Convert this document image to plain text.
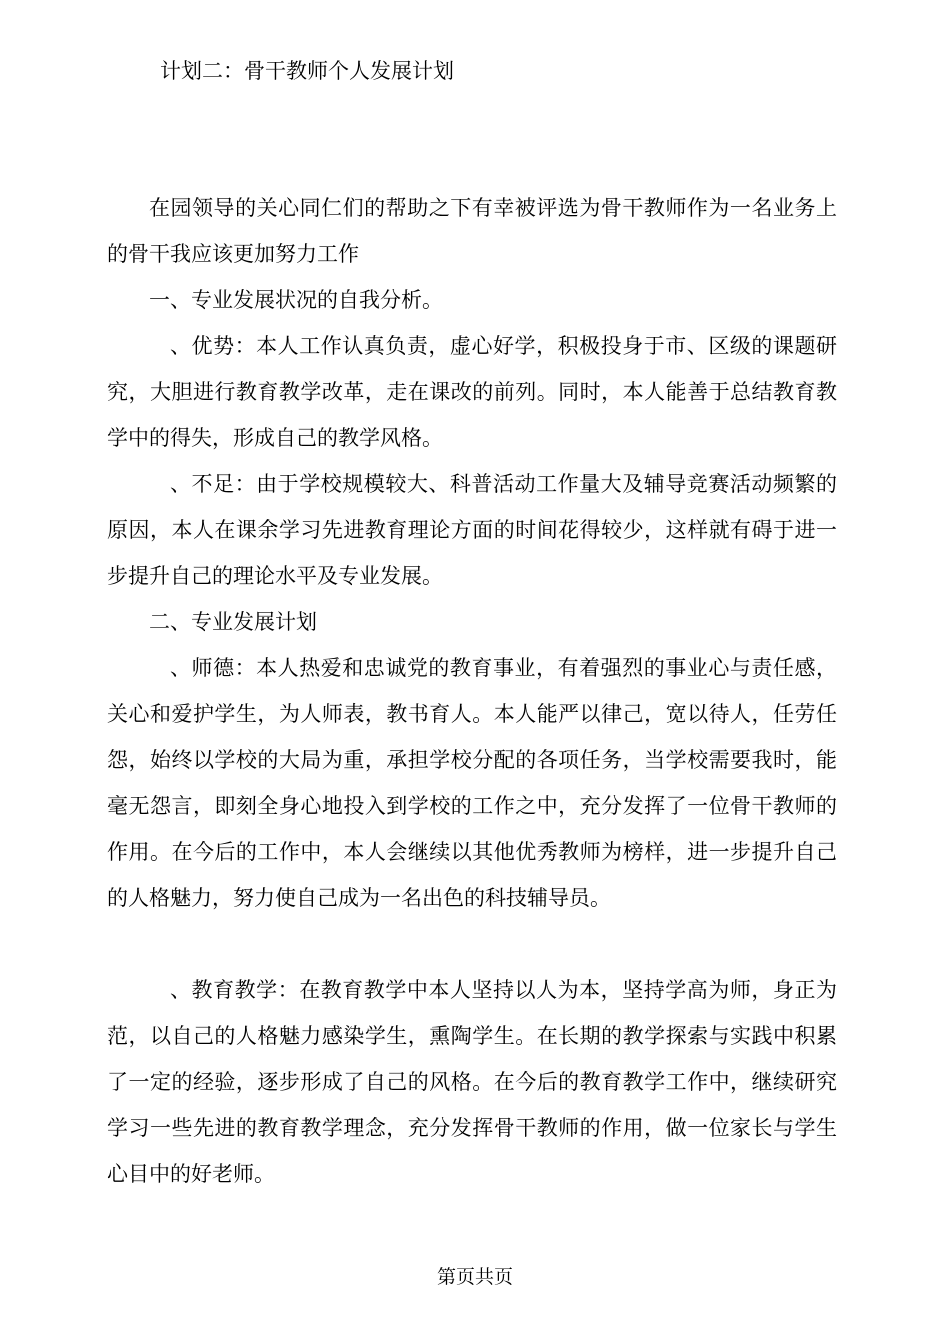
计划二：骨干教师个人发展计划

在园领导的关心同仁们的帮助之下有幸被评选为骨干教师作为一名业务上的骨干我应该更加努力工作

一、专业发展状况的自我分析。

、优势：本人工作认真负责，虚心好学，积极投身于市、区级的课题研究，大胆进行教育教学改革，走在课改的前列。同时，本人能善于总结教育教学中的得失，形成自己的教学风格。

、不足：由于学校规模较大、科普活动工作量大及辅导竞赛活动频繁的原因，本人在课余学习先进教育理论方面的时间花得较少，这样就有碍于进一步提升自己的理论水平及专业发展。

二、专业发展计划

、师德：本人热爱和忠诚党的教育事业，有着强烈的事业心与责任感，关心和爱护学生，为人师表，教书育人。本人能严以律己，宽以待人，任劳任怨，始终以学校的大局为重，承担学校分配的各项任务，当学校需要我时，能毫无怨言，即刻全身心地投入到学校的工作之中，充分发挥了一位骨干教师的作用。在今后的工作中，本人会继续以其他优秀教师为榜样，进一步提升自己的人格魅力，努力使自己成为一名出色的科技辅导员。

、教育教学：在教育教学中本人坚持以人为本，坚持学高为师，身正为范，以自己的人格魅力感染学生，熏陶学生。在长期的教学探索与实践中积累了一定的经验，逐步形成了自己的风格。在今后的教育教学工作中，继续研究学习一些先进的教育教学理念，充分发挥骨干教师的作用，做一位家长与学生心目中的好老师。

第页共页
